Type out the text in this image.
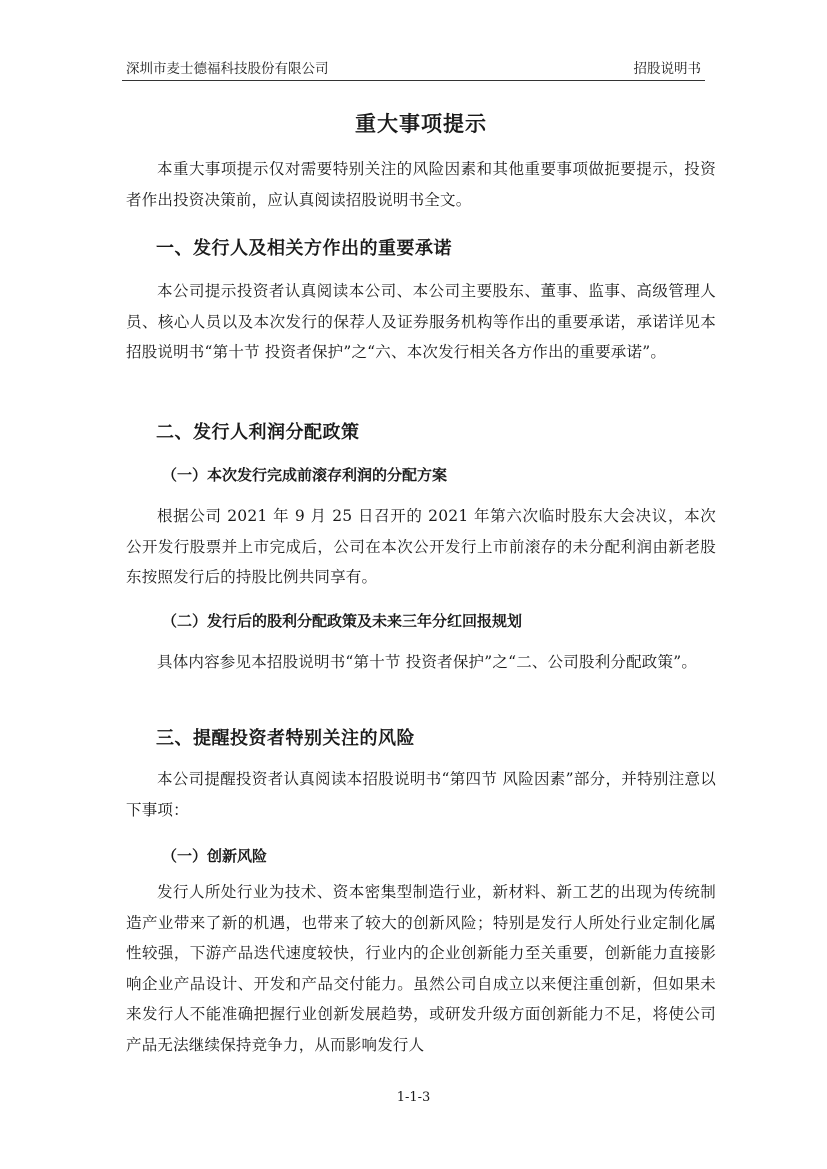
深圳市麦士德福科技股份有限公司	招股说明书
重大事项提示

本重大事项提示仅对需要特别关注的风险因素和其他重要事项做扼要提示，投资者作出投资决策前，应认真阅读招股说明书全文。

一、发行人及相关方作出的重要承诺

本公司提示投资者认真阅读本公司、本公司主要股东、董事、监事、高级管理人员、核心人员以及本次发行的保荐人及证券服务机构等作出的重要承诺，承诺详见本招股说明书“第十节 投资者保护”之“六、本次发行相关各方作出的重要承诺”。

二、发行人利润分配政策
（一）本次发行完成前滚存利润的分配方案

根据公司 2021 年 9 月 25 日召开的 2021 年第六次临时股东大会决议，本次公开发行股票并上市完成后，公司在本次公开发行上市前滚存的未分配利润由新老股东按照发行后的持股比例共同享有。

（二）发行后的股利分配政策及未来三年分红回报规划

具体内容参见本招股说明书“第十节 投资者保护”之“二、公司股利分配政策”。

三、提醒投资者特别关注的风险

本公司提醒投资者认真阅读本招股说明书“第四节 风险因素”部分，并特别注意以下事项：

（一）创新风险

发行人所处行业为技术、资本密集型制造行业，新材料、新工艺的出现为传统制造产业带来了新的机遇，也带来了较大的创新风险；特别是发行人所处行业定制化属性较强，下游产品迭代速度较快，行业内的企业创新能力至关重要，创新能力直接影响企业产品设计、开发和产品交付能力。虽然公司自成立以来便注重创新，但如果未来发行人不能准确把握行业创新发展趋势，或研发升级方面创新能力不足，将使公司产品无法继续保持竞争力，从而影响发行人

1-1-3
